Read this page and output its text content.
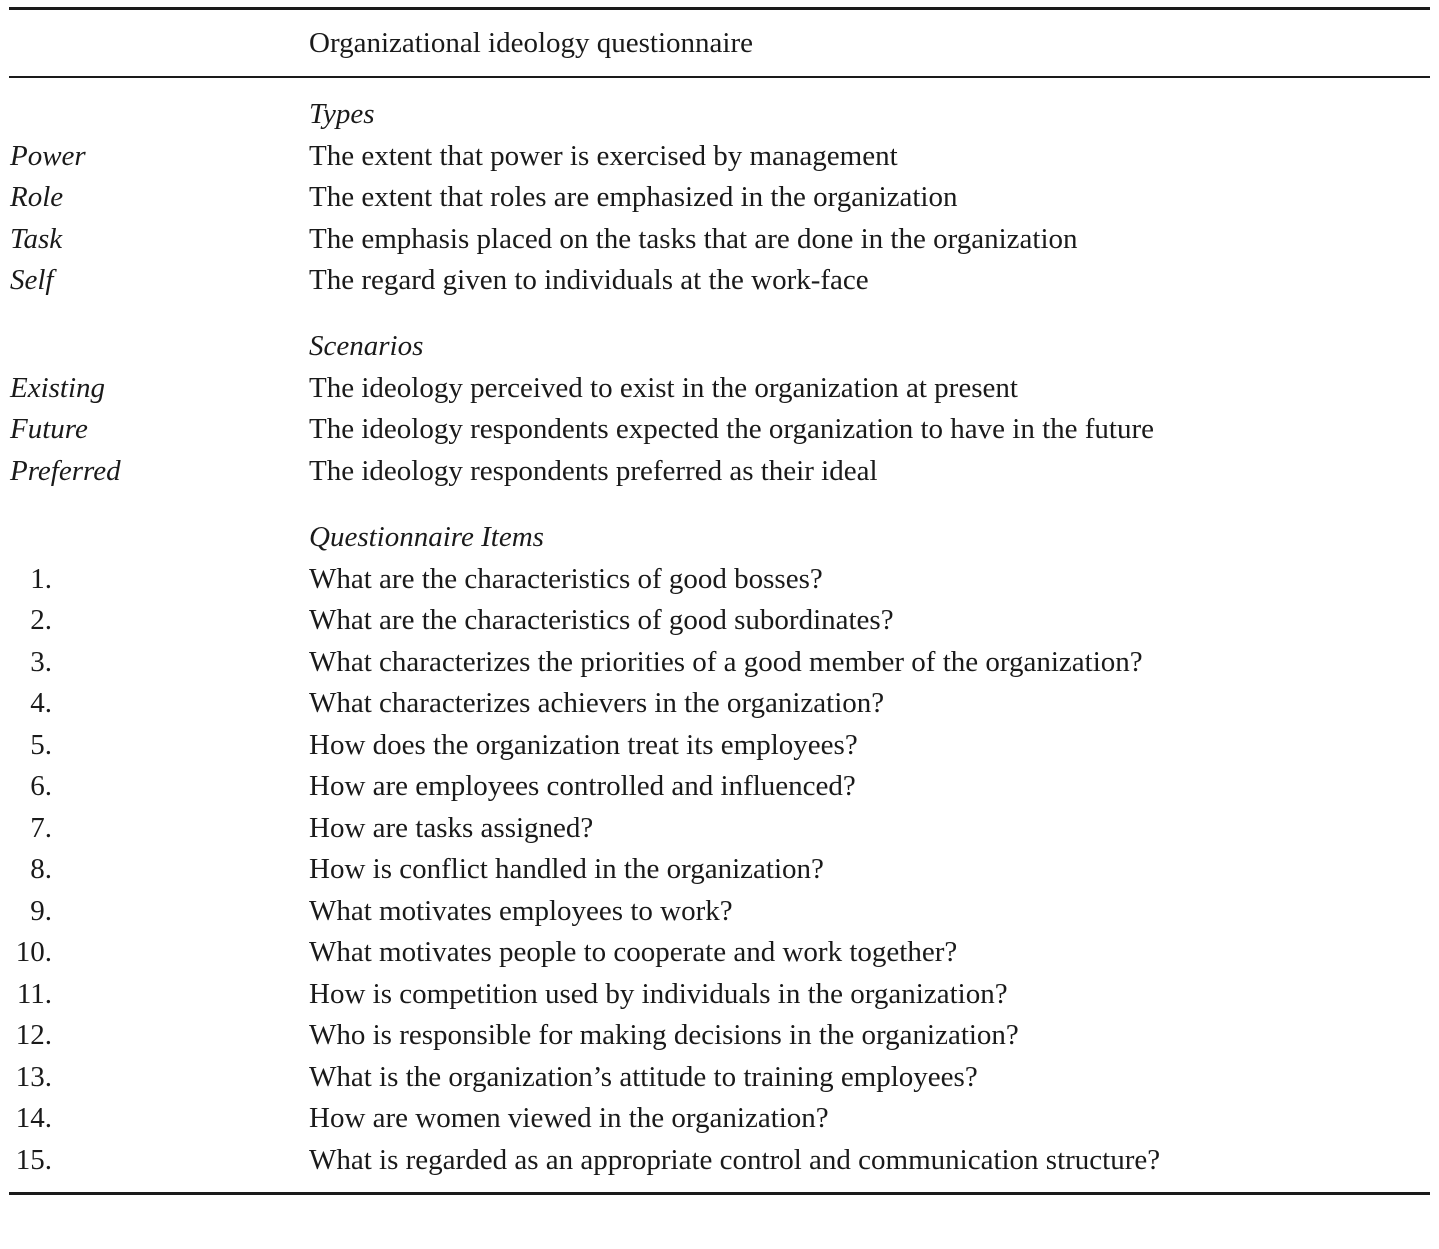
Organizational ideology questionnaire
Types
Power	The extent that power is exercised by management
Role	The extent that roles are emphasized in the organization
Task	The emphasis placed on the tasks that are done in the organization
Self	The regard given to individuals at the work-face
Scenarios
Existing	The ideology perceived to exist in the organization at present
Future	The ideology respondents expected the organization to have in the future
Preferred	The ideology respondents preferred as their ideal
Questionnaire Items
1.	What are the characteristics of good bosses?
2.	What are the characteristics of good subordinates?
3.	What characterizes the priorities of a good member of the organization?
4.	What characterizes achievers in the organization?
5.	How does the organization treat its employees?
6.	How are employees controlled and influenced?
7.	How are tasks assigned?
8.	How is conflict handled in the organization?
9.	What motivates employees to work?
10.	What motivates people to cooperate and work together?
11.	How is competition used by individuals in the organization?
12.	Who is responsible for making decisions in the organization?
13.	What is the organization’s attitude to training employees?
14.	How are women viewed in the organization?
15.	What is regarded as an appropriate control and communication structure?
